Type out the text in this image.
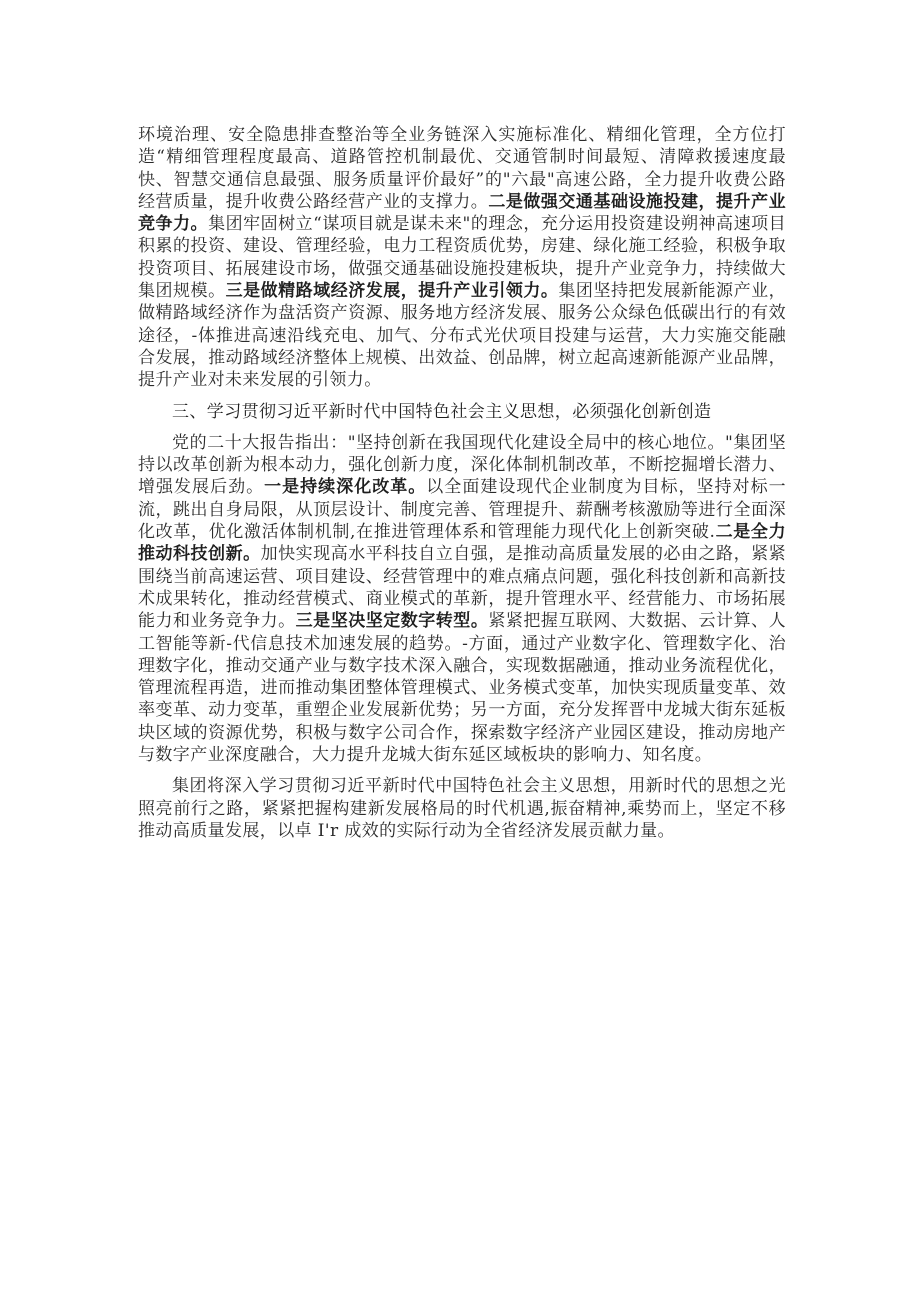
环境治理、安全隐患排查整治等全业务链深入实施标准化、精细化管理，全方位打造“精细管理程度最高、道路管控机制最优、交通管制时间最短、清障救援速度最快、智慧交通信息最强、服务质量评价最好”的"六最"高速公路，全力提升收费公路经营质量，提升收费公路经营产业的支撑力。二是做强交通基础设施投建，提升产业竞争力。集团牢固树立“谋项目就是谋未来"的理念，充分运用投资建设朔神高速项目积累的投资、建设、管理经验，电力工程资质优势，房建、绿化施工经验，积极争取投资项目、拓展建设市场，做强交通基础设施投建板块，提升产业竞争力，持续做大集团规模。三是做精路域经济发展，提升产业引领力。集团坚持把发展新能源产业，做精路域经济作为盘活资产资源、服务地方经济发展、服务公众绿色低碳出行的有效途径，-体推进高速沿线充电、加气、分布式光伏项目投建与运营，大力实施交能融合发展，推动路域经济整体上规模、出效益、创品牌，树立起高速新能源产业品牌，提升产业对未来发展的引领力。

三、学习贯彻习近平新时代中国特色社会主义思想，必须强化创新创造

党的二十大报告指出："坚持创新在我国现代化建设全局中的核心地位。"集团坚持以改革创新为根本动力，强化创新力度，深化体制机制改革，不断挖掘增长潜力、增强发展后劲。一是持续深化改革。以全面建设现代企业制度为目标，坚持对标一流，跳出自身局限，从顶层设计、制度完善、管理提升、薪酬考核激励等进行全面深化改革，优化激活体制机制,在推进管理体系和管理能力现代化上创新突破.二是全力推动科技创新。加快实现高水平科技自立自强，是推动高质量发展的必由之路，紧紧围绕当前高速运营、项目建设、经营管理中的难点痛点问题，强化科技创新和高新技术成果转化，推动经营模式、商业模式的革新，提升管理水平、经营能力、市场拓展能力和业务竞争力。三是坚决坚定数字转型。紧紧把握互联网、大数据、云计算、人工智能等新-代信息技术加速发展的趋势。-方面，通过产业数字化、管理数字化、治理数字化，推动交通产业与数字技术深入融合，实现数据融通，推动业务流程优化，管理流程再造，进而推动集团整体管理模式、业务模式变革，加快实现质量变革、效率变革、动力变革，重塑企业发展新优势；另一方面，充分发挥晋中龙城大街东延板块区域的资源优势，积极与数字公司合作，探索数字经济产业园区建设，推动房地产与数字产业深度融合，大力提升龙城大街东延区域板块的影响力、知名度。

集团将深入学习贯彻习近平新时代中国特色社会主义思想，用新时代的思想之光照亮前行之路，紧紧把握构建新发展格局的时代机遇,振奋精神,乘势而上，坚定不移推动高质量发展，以卓 I'r 成效的实际行动为全省经济发展贡献力量。
